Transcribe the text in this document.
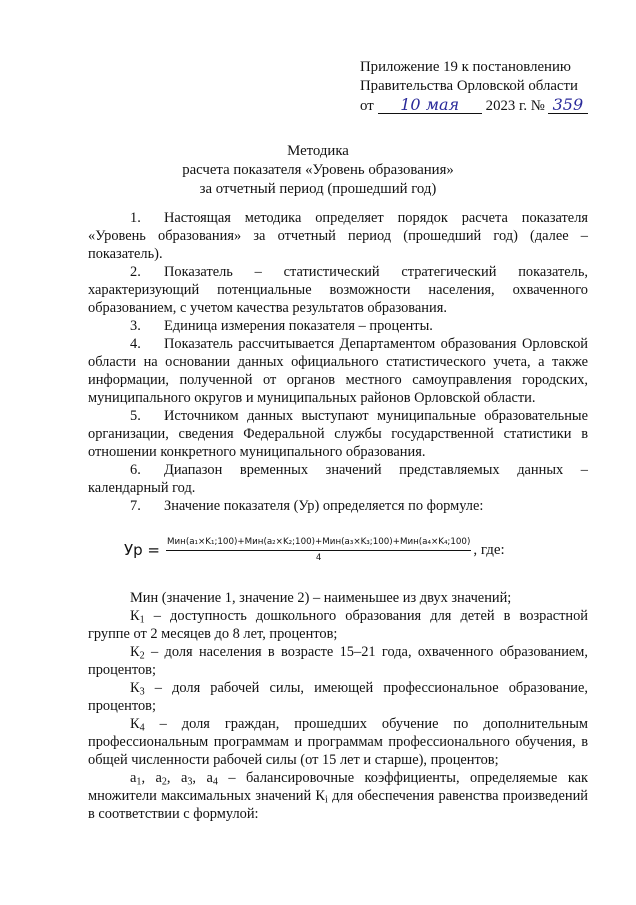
Приложение 19 к постановлению
Правительства Орловской области
от	10 мая	2023 г. № 359
Методика
расчета показателя «Уровень образования»
за отчетный период (прошедший год)

1. Настоящая методика определяет порядок расчета показателя «Уровень образования» за отчетный период (прошедший год) (далее – показатель).

2. Показатель – статистический стратегический показатель, характеризующий потенциальные возможности населения, охваченного образованием, с учетом качества результатов образования.

3. Единица измерения показателя – проценты.

4. Показатель рассчитывается Департаментом образования Орловской области на основании данных официального статистического учета, а также информации, полученной от органов местного самоуправления городских, муниципального округов и муниципальных районов Орловской области.

5. Источником данных выступают муниципальные образовательные организации, сведения Федеральной службы государственной статистики в отношении конкретного муниципального образования.

6. Диапазон временных значений представляемых данных – календарный год.

7. Значение показателя (Ур) определяется по формуле:

Ур = $\frac{\text{Мин(a₁×K₁;100)+Мин(a₂×K₂;100)+Мин(a₃×K₃;100)+Мин(a₄×K₄;100)}}{4}$ , где:

Мин (значение 1, значение 2) – наименьшее из двух значений;

$К_1$ – доступность дошкольного образования для детей в возрастной группе от 2 месяцев до 8 лет, процентов;

$К_2$ – доля населения в возрасте 15–21 года, охваченного образованием, процентов;

$К_3$ – доля рабочей силы, имеющей профессиональное образование, процентов;

$К_4$ – доля граждан, прошедших обучение по дополнительным профессиональным программам и программам профессионального обучения, в общей численности рабочей силы (от 15 лет и старше), процентов;

$a_1$, $a_2$, $a_3$, $a_4$ – балансировочные коэффициенты, определяемые как множители максимальных значений $К_i$ для обеспечения равенства произведений в соответствии с формулой:
